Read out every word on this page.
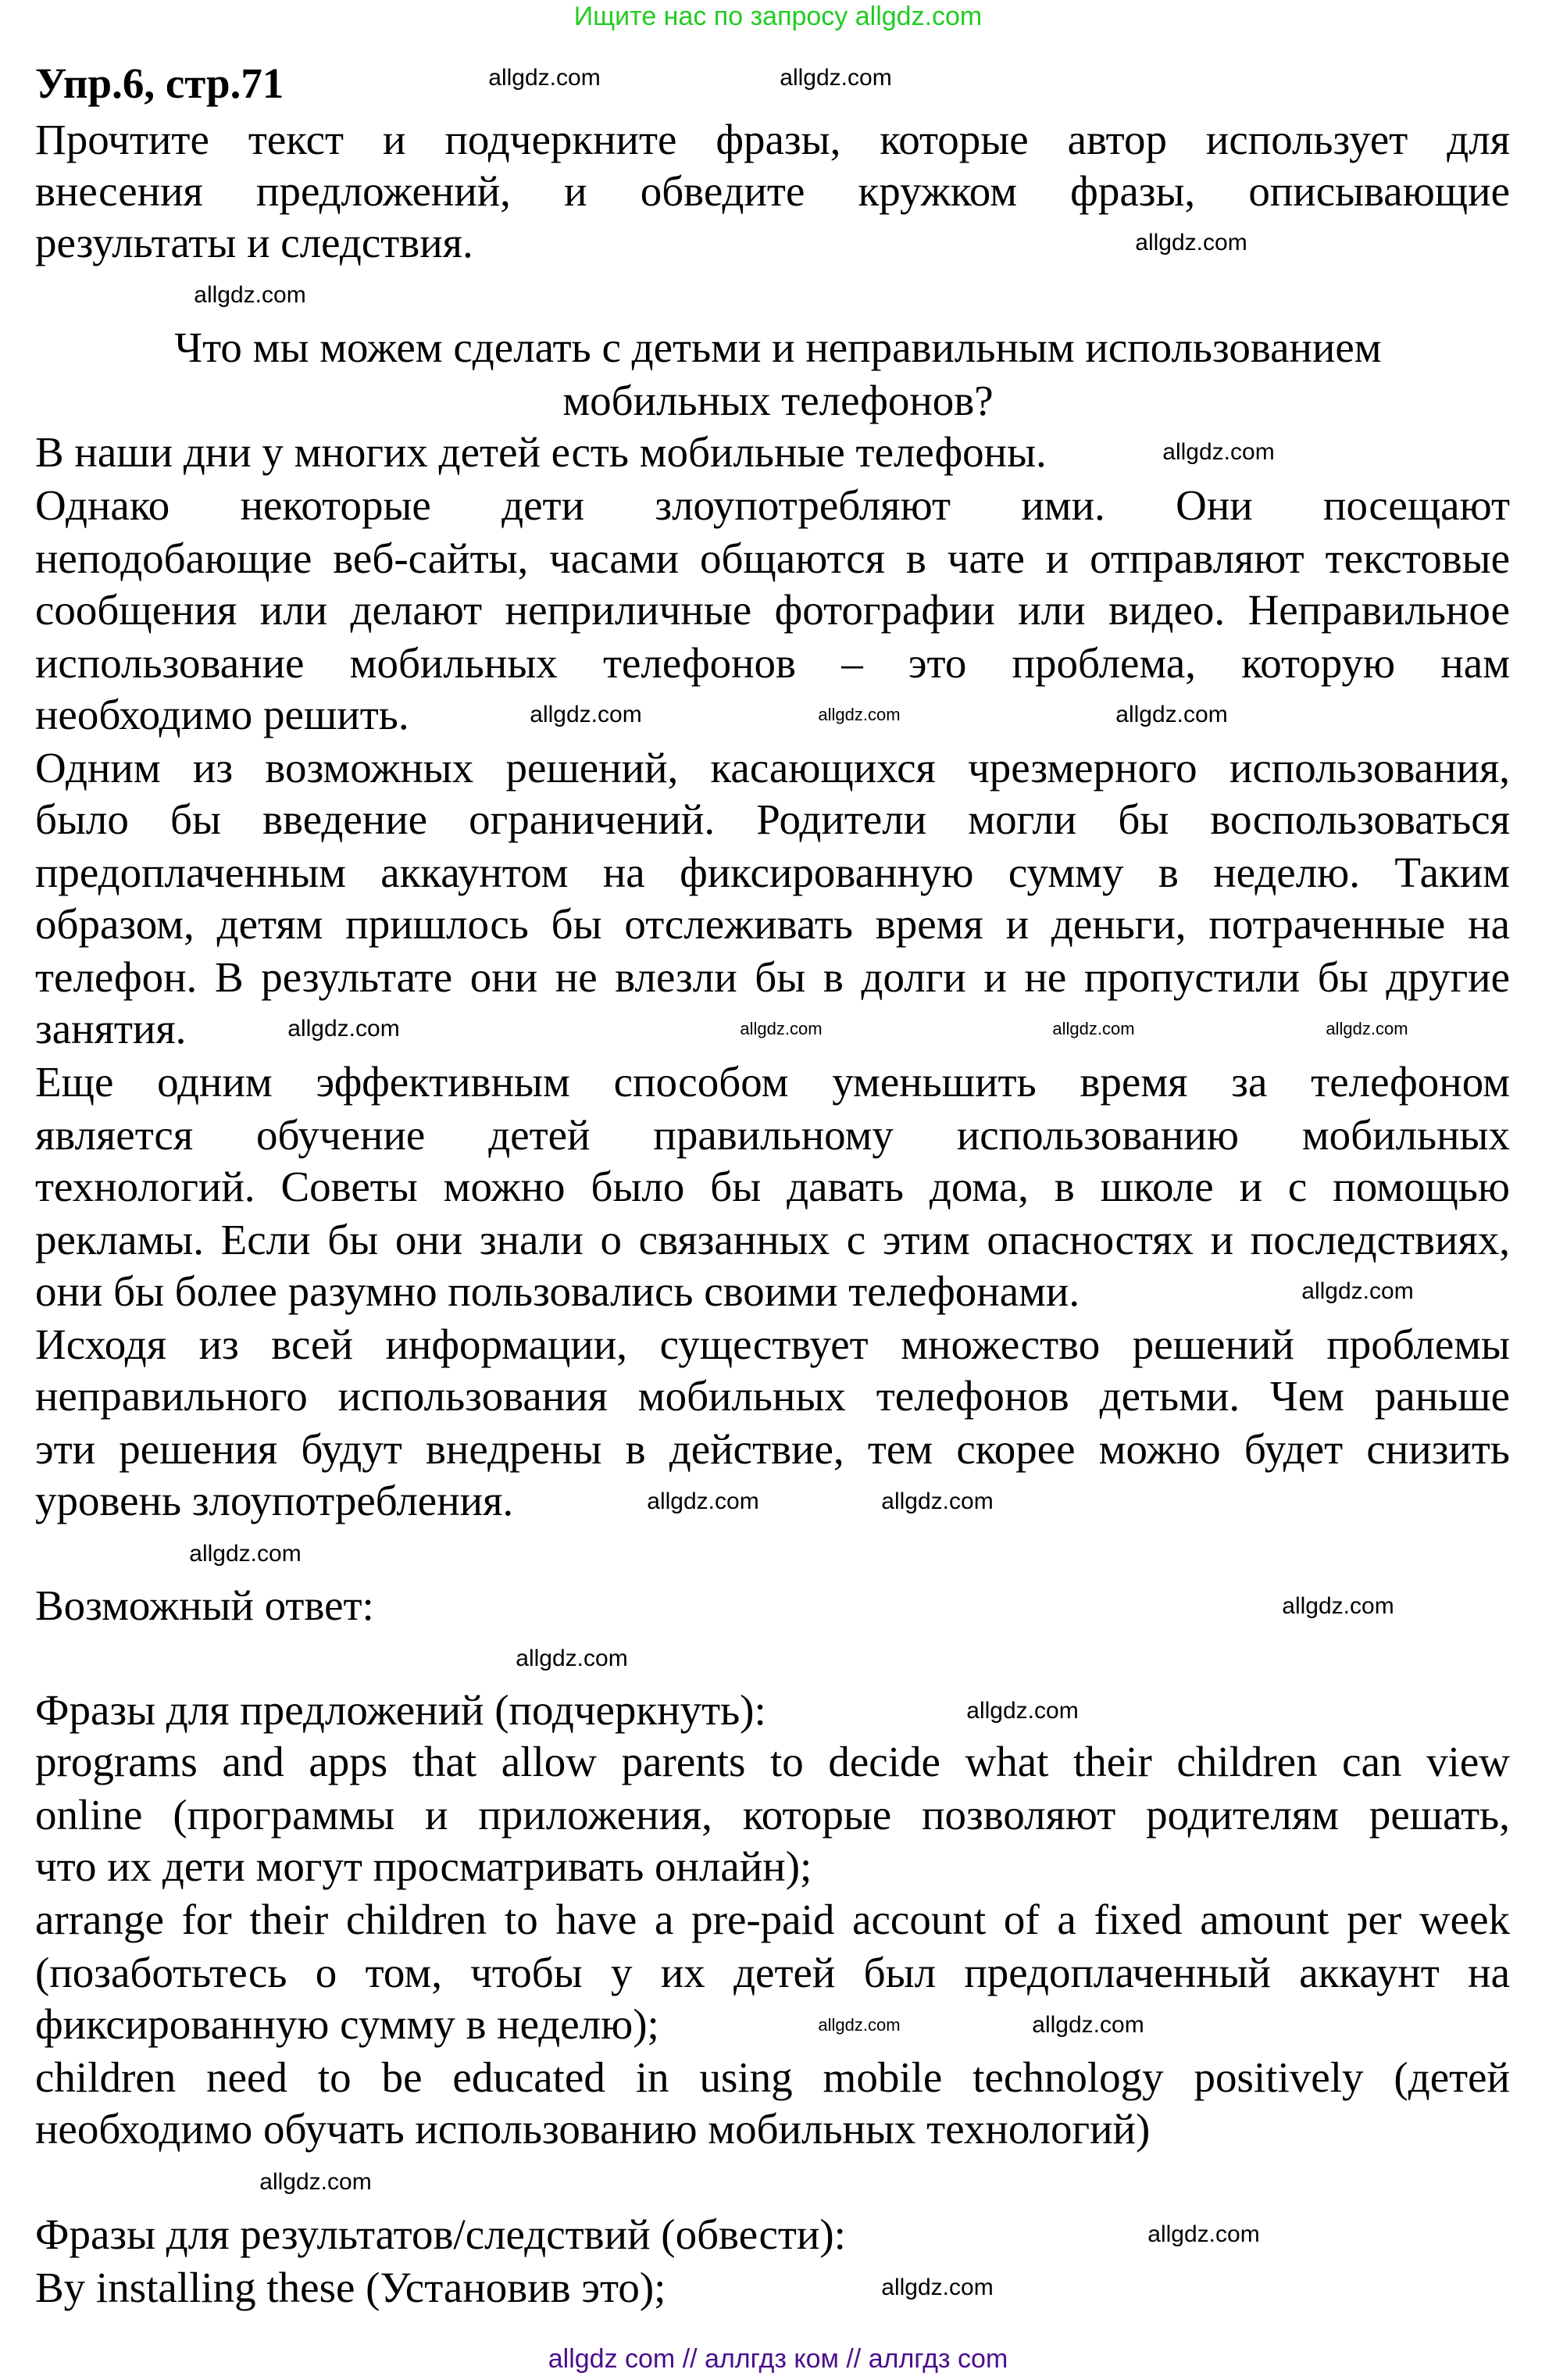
Ищите нас по запросу allgdz.com
Упр.6, стр.71
Прочтите текст и подчеркните фразы, которые автор использует для
внесения предложений, и обведите кружком фразы, описывающие
результаты и следствия.
Что мы можем сделать с детьми и неправильным использованием
мобильных телефонов?
В наши дни у многих детей есть мобильные телефоны.
Однако некоторые дети злоупотребляют ими. Они посещают
неподобающие веб-сайты, часами общаются в чате и отправляют текстовые
сообщения или делают неприличные фотографии или видео. Неправильное
использование мобильных телефонов – это проблема, которую нам
необходимо решить.
Одним из возможных решений, касающихся чрезмерного использования,
было бы введение ограничений. Родители могли бы воспользоваться
предоплаченным аккаунтом на фиксированную сумму в неделю. Таким
образом, детям пришлось бы отслеживать время и деньги, потраченные на
телефон. В результате они не влезли бы в долги и не пропустили бы другие
занятия.
Еще одним эффективным способом уменьшить время за телефоном
является обучение детей правильному использованию мобильных
технологий. Советы можно было бы давать дома, в школе и с помощью
рекламы. Если бы они знали о связанных с этим опасностях и последствиях,
они бы более разумно пользовались своими телефонами.
Исходя из всей информации, существует множество решений проблемы
неправильного использования мобильных телефонов детьми. Чем раньше
эти решения будут внедрены в действие, тем скорее можно будет снизить
уровень злоупотребления.
Возможный ответ:
Фразы для предложений (подчеркнуть):
programs and apps that allow parents to decide what their children can view
online (программы и приложения, которые позволяют родителям решать,
что их дети могут просматривать онлайн);
arrange for their children to have a pre-paid account of a fixed amount per week
(позаботьтесь о том, чтобы у их детей был предоплаченный аккаунт на
фиксированную сумму в неделю);
children need to be educated in using mobile technology positively (детей
необходимо обучать использованию мобильных технологий)
Фразы для результатов/следствий (обвести):
By installing these (Установив это);
allgdz.com	allgdz.com
allgdz.com
allgdz.com
allgdz.com
allgdz.com
allgdz.com	allgdz.com
allgdz.com
allgdz.com	allgdz.com	allgdz.com
allgdz.com
allgdz.com	allgdz.com
allgdz.com
allgdz.com
allgdz.com
allgdz.com
allgdz.com	allgdz.com
allgdz.com
allgdz.com
allgdz.com
allgdz com // аллгдз ком // аллгдз com
